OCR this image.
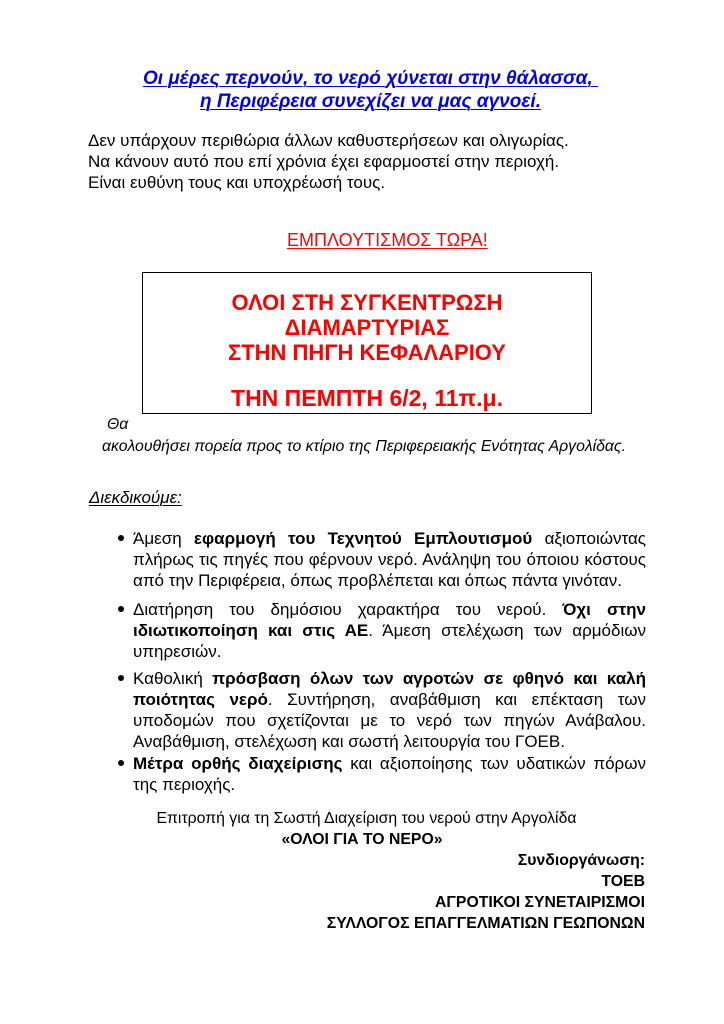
Οι μέρες περνούν, το νερό χύνεται στην θάλασσα,
η Περιφέρεια συνεχίζει να μας αγνοεί.
Δεν υπάρχουν περιθώρια άλλων καθυστερήσεων και ολιγωρίας.
Να κάνουν αυτό που επί χρόνια έχει εφαρμοστεί στην περιοχή.
Είναι ευθύνη τους και υποχρέωσή τους.
ΕΜΠΛΟΥΤΙΣΜΟΣ ΤΩΡΑ!
ΟΛΟΙ ΣΤΗ ΣΥΓΚΕΝΤΡΩΣΗ
ΔΙΑΜΑΡΤΥΡΙΑΣ
ΣΤΗΝ ΠΗΓΗ ΚΕΦΑΛΑΡΙΟΥ
ΤΗΝ ΠΕΜΠΤΗ 6/2, 11π.μ.
Θα
ακολουθήσει πορεία προς το κτίριο της Περιφερειακής Ενότητας Αργολίδας.
Διεκδικούμε:
Άμεση εφαρμογή του Τεχνητού Εμπλουτισμού αξιοποιώντας πλήρως τις πηγές που φέρνουν νερό. Ανάληψη του όποιου κόστους από την Περιφέρεια, όπως προβλέπεται και όπως πάντα γινόταν.
Διατήρηση του δημόσιου χαρακτήρα του νερού. Όχι στην ιδιωτικοποίηση και στις ΑΕ. Άμεση στελέχωση των αρμόδιων υπηρεσιών.
Καθολική πρόσβαση όλων των αγροτών σε φθηνό και καλή ποιότητας νερό. Συντήρηση, αναβάθμιση και επέκταση των υποδομών που σχετίζονται με το νερό των πηγών Ανάβαλου. Αναβάθμιση, στελέχωση και σωστή λειτουργία του ΓΟΕΒ.
Μέτρα ορθής διαχείρισης και αξιοποίησης των υδατικών πόρων της περιοχής.
Επιτροπή για τη Σωστή Διαχείριση του νερού στην Αργολίδα
«ΟΛΟΙ ΓΙΑ ΤΟ ΝΕΡΟ»
Συνδιοργάνωση:
ΤΟΕΒ
ΑΓΡΟΤΙΚΟΙ ΣΥΝΕΤΑΙΡΙΣΜΟΙ
ΣΥΛΛΟΓΟΣ ΕΠΑΓΓΕΛΜΑΤΙΩΝ ΓΕΩΠΟΝΩΝ
